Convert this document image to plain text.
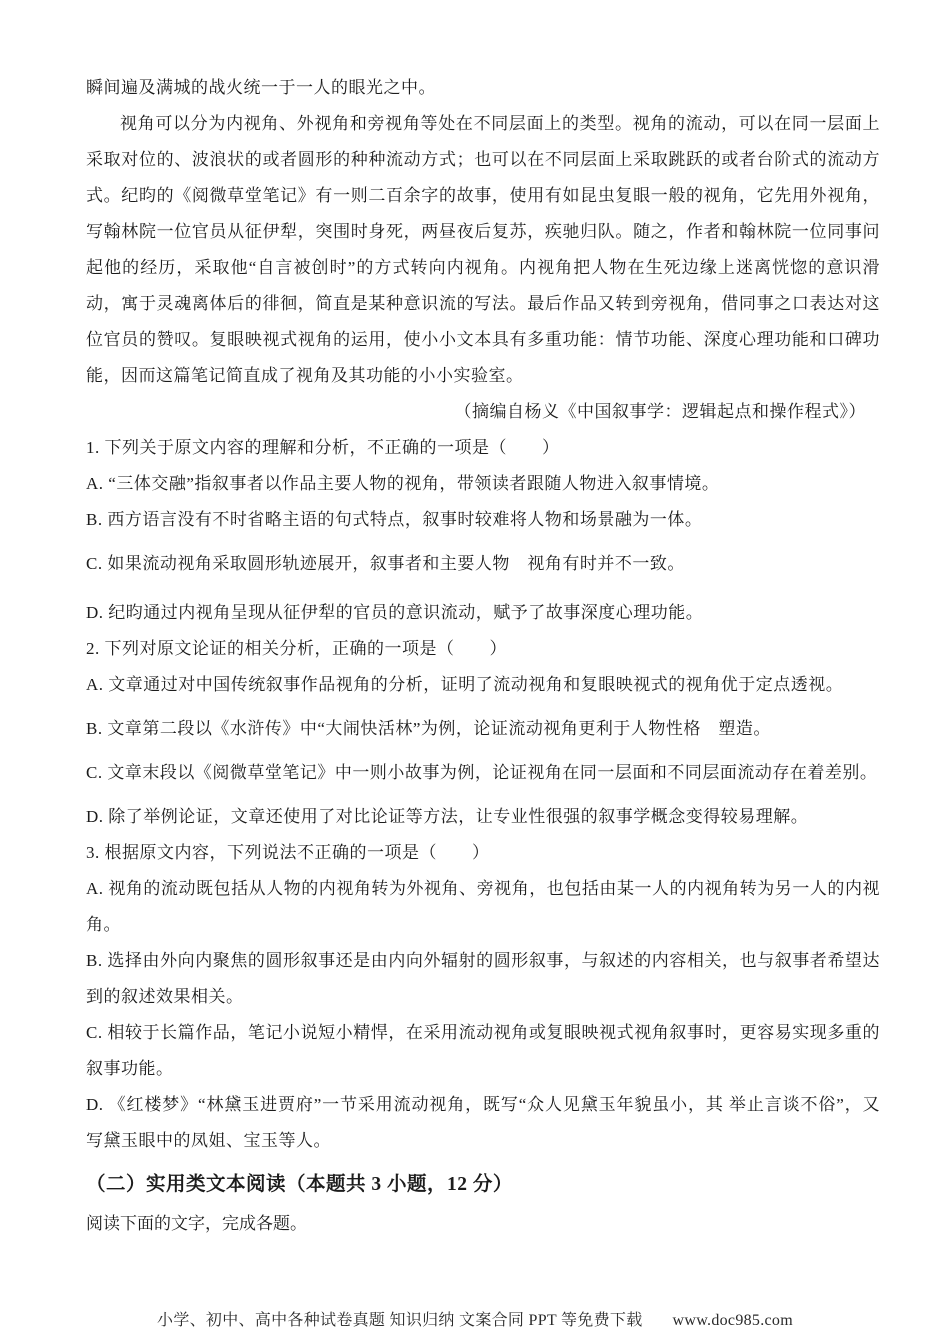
瞬间遍及满城的战火统一于一人的眼光之中。

视角可以分为内视角、外视角和旁视角等处在不同层面上的类型。视角的流动，可以在同一层面上采取对位的、波浪状的或者圆形的种种流动方式；也可以在不同层面上采取跳跃的或者台阶式的流动方式。纪昀的《阅微草堂笔记》有一则二百余字的故事，使用有如昆虫复眼一般的视角，它先用外视角，写翰林院一位官员从征伊犁，突围时身死，两昼夜后复苏，疾驰归队。随之，作者和翰林院一位同事问起他的经历，采取他“自言被创时”的方式转向内视角。内视角把人物在生死边缘上迷离恍惚的意识滑动，寓于灵魂离体后的徘徊，简直是某种意识流的写法。最后作品又转到旁视角，借同事之口表达对这位官员的赞叹。复眼映视式视角的运用，使小小文本具有多重功能：情节功能、深度心理功能和口碑功能，因而这篇笔记简直成了视角及其功能的小小实验室。

（摘编自杨义《中国叙事学：逻辑起点和操作程式》）

1. 下列关于原文内容的理解和分析，不正确的一项是（　　）

A. “三体交融”指叙事者以作品主要人物的视角，带领读者跟随人物进入叙事情境。

B. 西方语言没有不时省略主语的句式特点，叙事时较难将人物和场景融为一体。

C. 如果流动视角采取圆形轨迹展开，叙事者和主要人物　视角有时并不一致。

D. 纪昀通过内视角呈现从征伊犁的官员的意识流动，赋予了故事深度心理功能。

2. 下列对原文论证的相关分析，正确的一项是（　　）

A. 文章通过对中国传统叙事作品视角的分析，证明了流动视角和复眼映视式的视角优于定点透视。

B. 文章第二段以《水浒传》中“大闹快活林”为例，论证流动视角更利于人物性格　塑造。

C. 文章末段以《阅微草堂笔记》中一则小故事为例，论证视角在同一层面和不同层面流动存在着差别。

D. 除了举例论证，文章还使用了对比论证等方法，让专业性很强的叙事学概念变得较易理解。

3. 根据原文内容，下列说法不正确的一项是（　　）

A. 视角的流动既包括从人物的内视角转为外视角、旁视角，也包括由某一人的内视角转为另一人的内视角。

B. 选择由外向内聚焦的圆形叙事还是由内向外辐射的圆形叙事，与叙述的内容相关，也与叙事者希望达到的叙述效果相关。

C. 相较于长篇作品，笔记小说短小精悍，在采用流动视角或复眼映视式视角叙事时，更容易实现多重的叙事功能。

D. 《红楼梦》“林黛玉进贾府”一节采用流动视角，既写“众人见黛玉年貌虽小，其 举止言谈不俗”，又写黛玉眼中的凤姐、宝玉等人。

（二）实用类文本阅读（本题共 3 小题，12 分）

阅读下面的文字，完成各题。

小学、初中、高中各种试卷真题 知识归纳 文案合同 PPT 等免费下载 www.doc985.com
